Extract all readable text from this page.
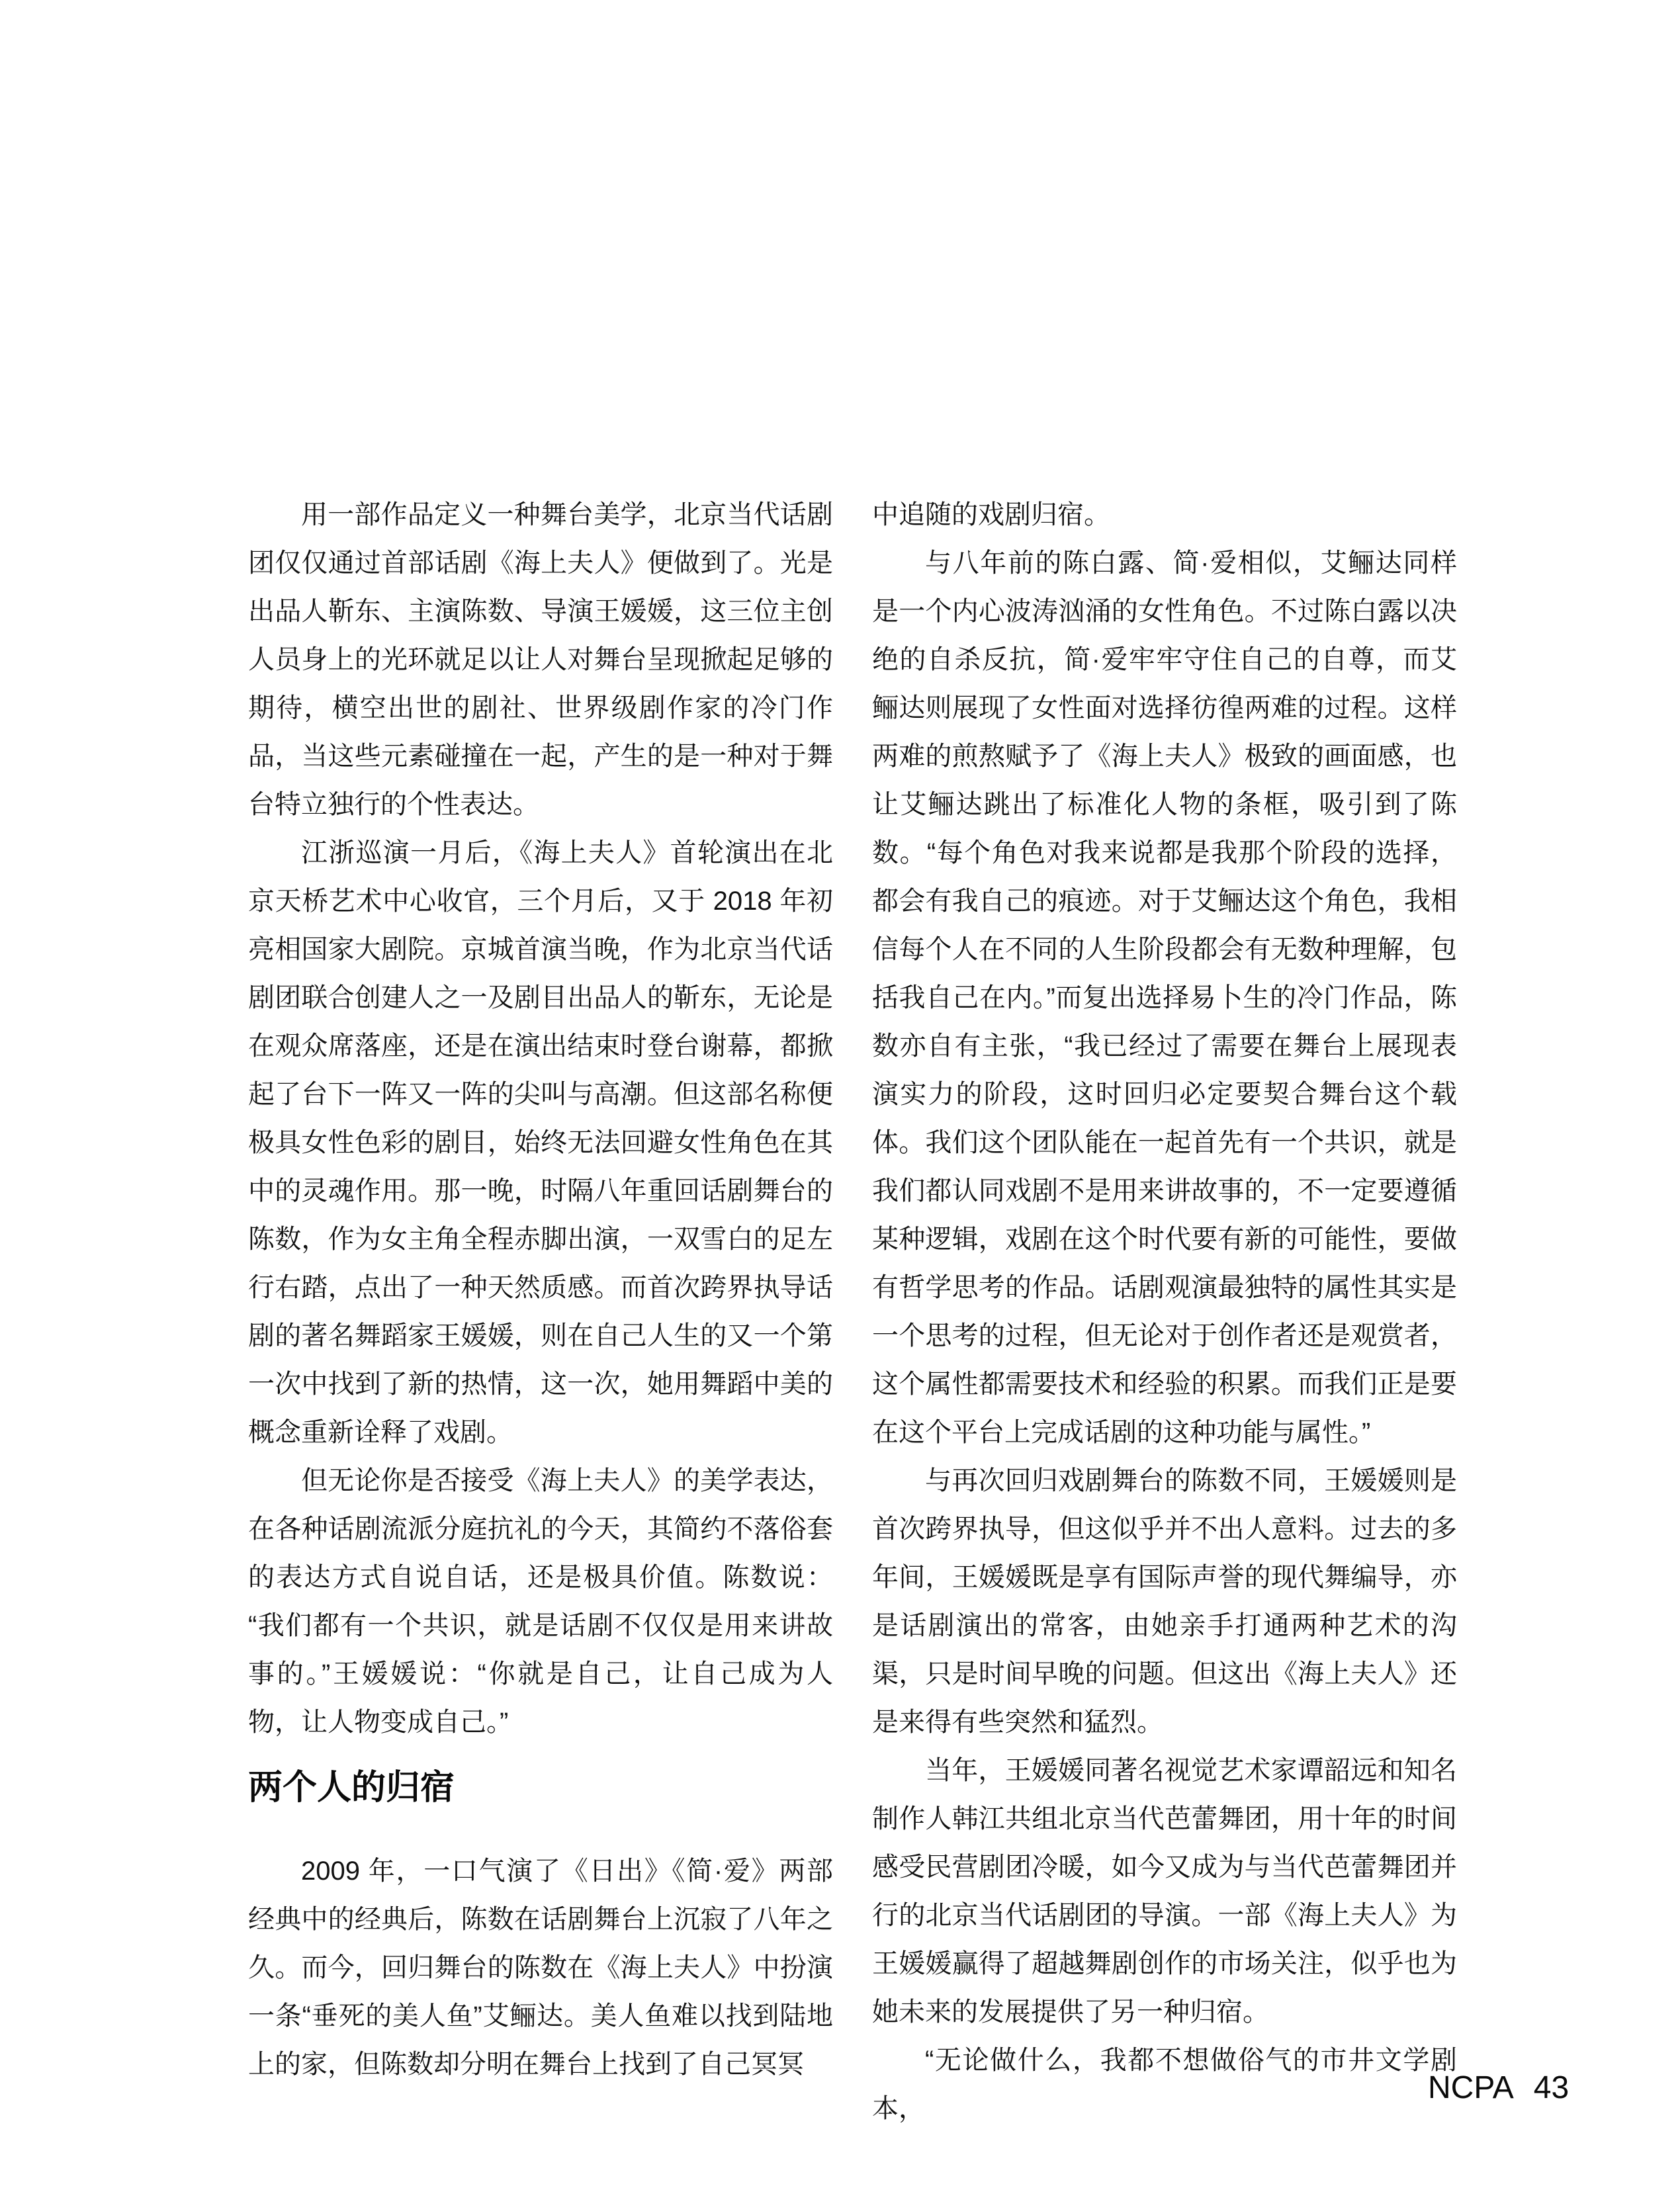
用一部作品定义一种舞台美学，北京当代话剧团仅仅通过首部话剧《海上夫人》便做到了。光是出品人靳东、主演陈数、导演王媛媛，这三位主创人员身上的光环就足以让人对舞台呈现掀起足够的期待，横空出世的剧社、世界级剧作家的冷门作品，当这些元素碰撞在一起，产生的是一种对于舞台特立独行的个性表达。

江浙巡演一月后，《海上夫人》首轮演出在北京天桥艺术中心收官，三个月后，又于 2018 年初亮相国家大剧院。京城首演当晚，作为北京当代话剧团联合创建人之一及剧目出品人的靳东，无论是在观众席落座，还是在演出结束时登台谢幕，都掀起了台下一阵又一阵的尖叫与高潮。但这部名称便极具女性色彩的剧目，始终无法回避女性角色在其中的灵魂作用。那一晚，时隔八年重回话剧舞台的陈数，作为女主角全程赤脚出演，一双雪白的足左行右踏，点出了一种天然质感。而首次跨界执导话剧的著名舞蹈家王媛媛，则在自己人生的又一个第一次中找到了新的热情，这一次，她用舞蹈中美的概念重新诠释了戏剧。

但无论你是否接受《海上夫人》的美学表达，在各种话剧流派分庭抗礼的今天，其简约不落俗套的表达方式自说自话，还是极具价值。陈数说：“我们都有一个共识，就是话剧不仅仅是用来讲故事的。”王媛媛说：“你就是自己，让自己成为人物，让人物变成自己。”

两个人的归宿

2009 年，一口气演了《日出》《简·爱》两部经典中的经典后，陈数在话剧舞台上沉寂了八年之久。而今，回归舞台的陈数在《海上夫人》中扮演一条“垂死的美人鱼”艾鲡达。美人鱼难以找到陆地上的家，但陈数却分明在舞台上找到了自己冥冥

中追随的戏剧归宿。

与八年前的陈白露、简·爱相似，艾鲡达同样是一个内心波涛汹涌的女性角色。不过陈白露以决绝的自杀反抗，简·爱牢牢守住自己的自尊，而艾鲡达则展现了女性面对选择彷徨两难的过程。这样两难的煎熬赋予了《海上夫人》极致的画面感，也让艾鲡达跳出了标准化人物的条框，吸引到了陈数。“每个角色对我来说都是我那个阶段的选择，都会有我自己的痕迹。对于艾鲡达这个角色，我相信每个人在不同的人生阶段都会有无数种理解，包括我自己在内。”而复出选择易卜生的冷门作品，陈数亦自有主张，“我已经过了需要在舞台上展现表演实力的阶段，这时回归必定要契合舞台这个载体。我们这个团队能在一起首先有一个共识，就是我们都认同戏剧不是用来讲故事的，不一定要遵循某种逻辑，戏剧在这个时代要有新的可能性，要做有哲学思考的作品。话剧观演最独特的属性其实是一个思考的过程，但无论对于创作者还是观赏者，这个属性都需要技术和经验的积累。而我们正是要在这个平台上完成话剧的这种功能与属性。”

与再次回归戏剧舞台的陈数不同，王媛媛则是首次跨界执导，但这似乎并不出人意料。过去的多年间，王媛媛既是享有国际声誉的现代舞编导，亦是话剧演出的常客，由她亲手打通两种艺术的沟渠，只是时间早晚的问题。但这出《海上夫人》还是来得有些突然和猛烈。

当年，王媛媛同著名视觉艺术家谭韶远和知名制作人韩江共组北京当代芭蕾舞团，用十年的时间感受民营剧团冷暖，如今又成为与当代芭蕾舞团并行的北京当代话剧团的导演。一部《海上夫人》为王媛媛赢得了超越舞剧创作的市场关注，似乎也为她未来的发展提供了另一种归宿。

“无论做什么，我都不想做俗气的市井文学剧本，

NCPA 43
